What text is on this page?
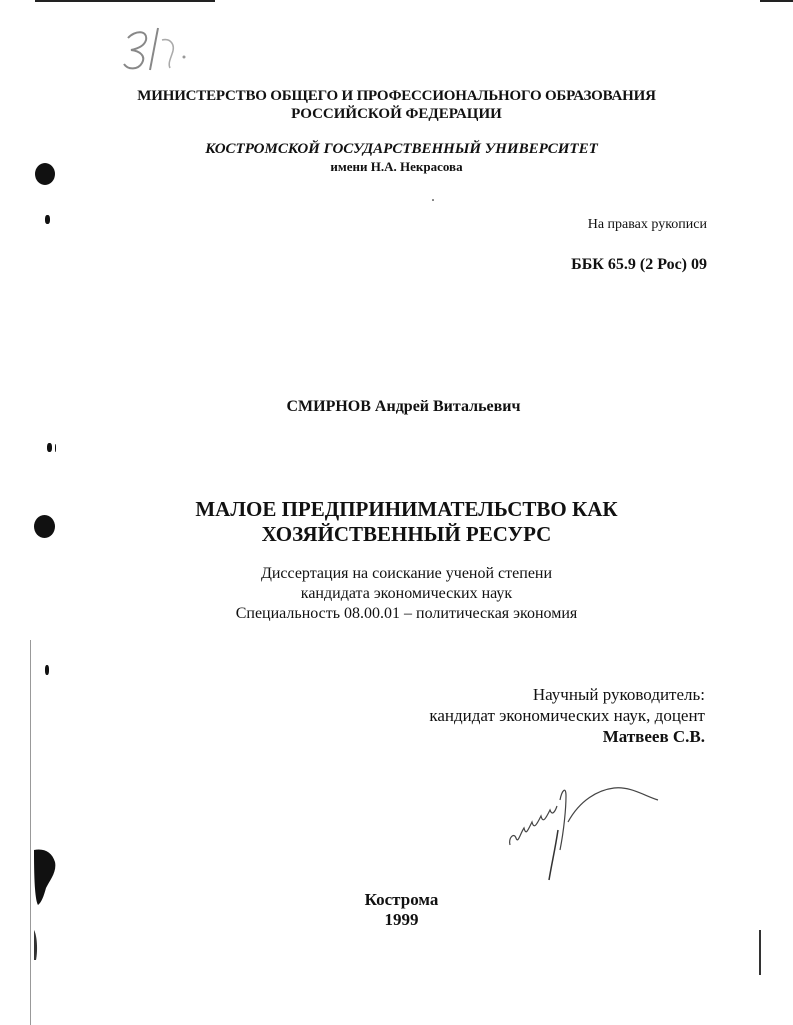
МИНИСТЕРСТВО ОБЩЕГО И ПРОФЕССИОНАЛЬНОГО ОБРАЗОВАНИЯ
РОССИЙСКОЙ ФЕДЕРАЦИИ
КОСТРОМСКОЙ ГОСУДАРСТВЕННЫЙ УНИВЕРСИТЕТ
имени Н.А. Некрасова
На правах рукописи
ББК 65.9 (2 Рос) 09
СМИРНОВ Андрей Витальевич
МАЛОЕ ПРЕДПРИНИМАТЕЛЬСТВО КАК
ХОЗЯЙСТВЕННЫЙ РЕСУРС
Диссертация на соискание ученой степени
кандидата экономических наук
Специальность 08.00.01 – политическая экономия
Научный руководитель:
кандидат экономических наук, доцент
Матвеев С.В.
Кострома
1999
